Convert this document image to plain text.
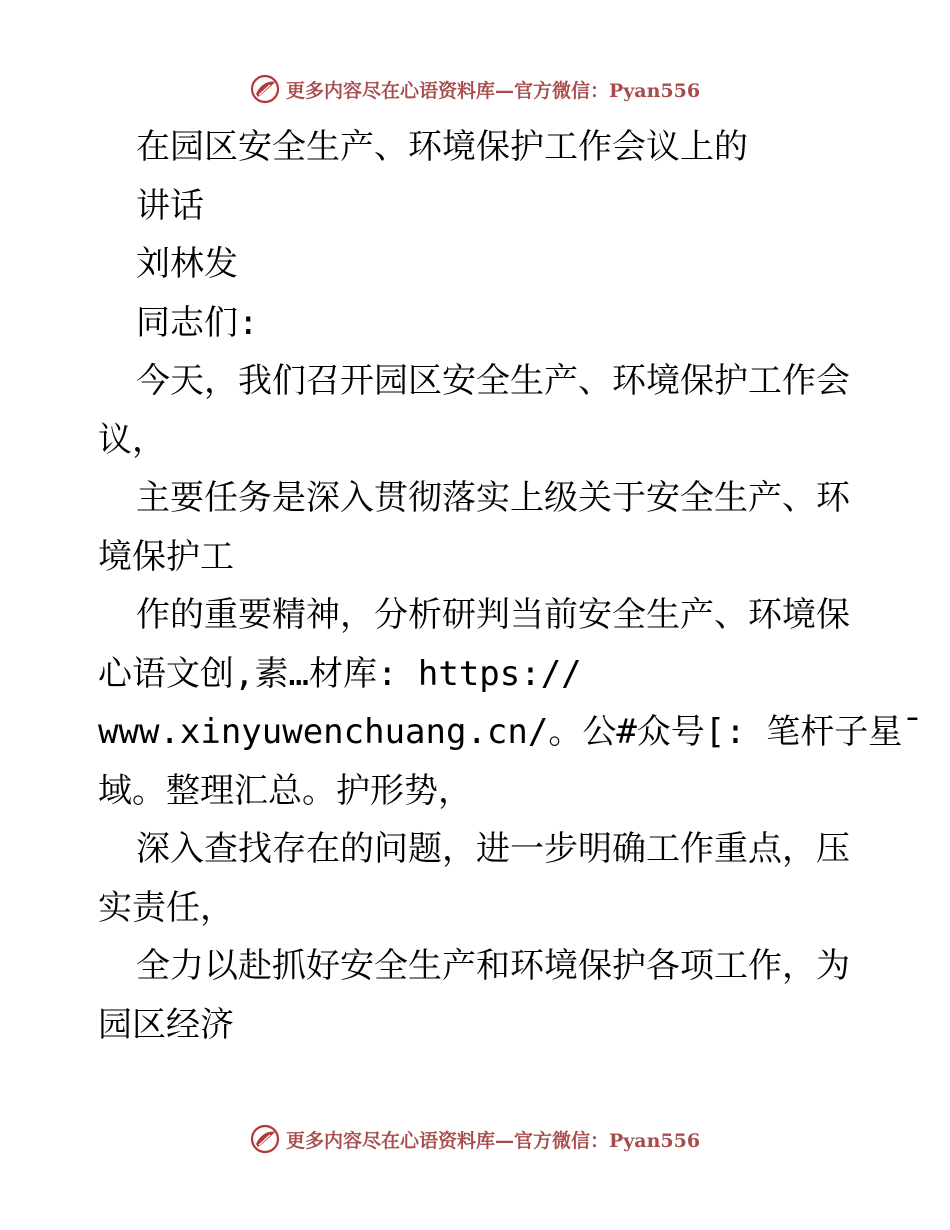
更多内容尽在心语资料库—官方微信：Pyan556
在园区安全生产、环境保护工作会议上的
讲话
刘林发
同志们:
今天，我们召开园区安全生产、环境保护工作会
议，
主要任务是深入贯彻落实上级关于安全生产、环
境保护工
作的重要精神，分析研判当前安全生产、环境保
心语文创,素…材库: https://
www.xinyuwenchuang.cn/。公#众号[: 笔杆子星¯
域。整理汇总。护形势，
深入查找存在的问题，进一步明确工作重点，压
实责任，
全力以赴抓好安全生产和环境保护各项工作，为
园区经济
更多内容尽在心语资料库—官方微信：Pyan556
